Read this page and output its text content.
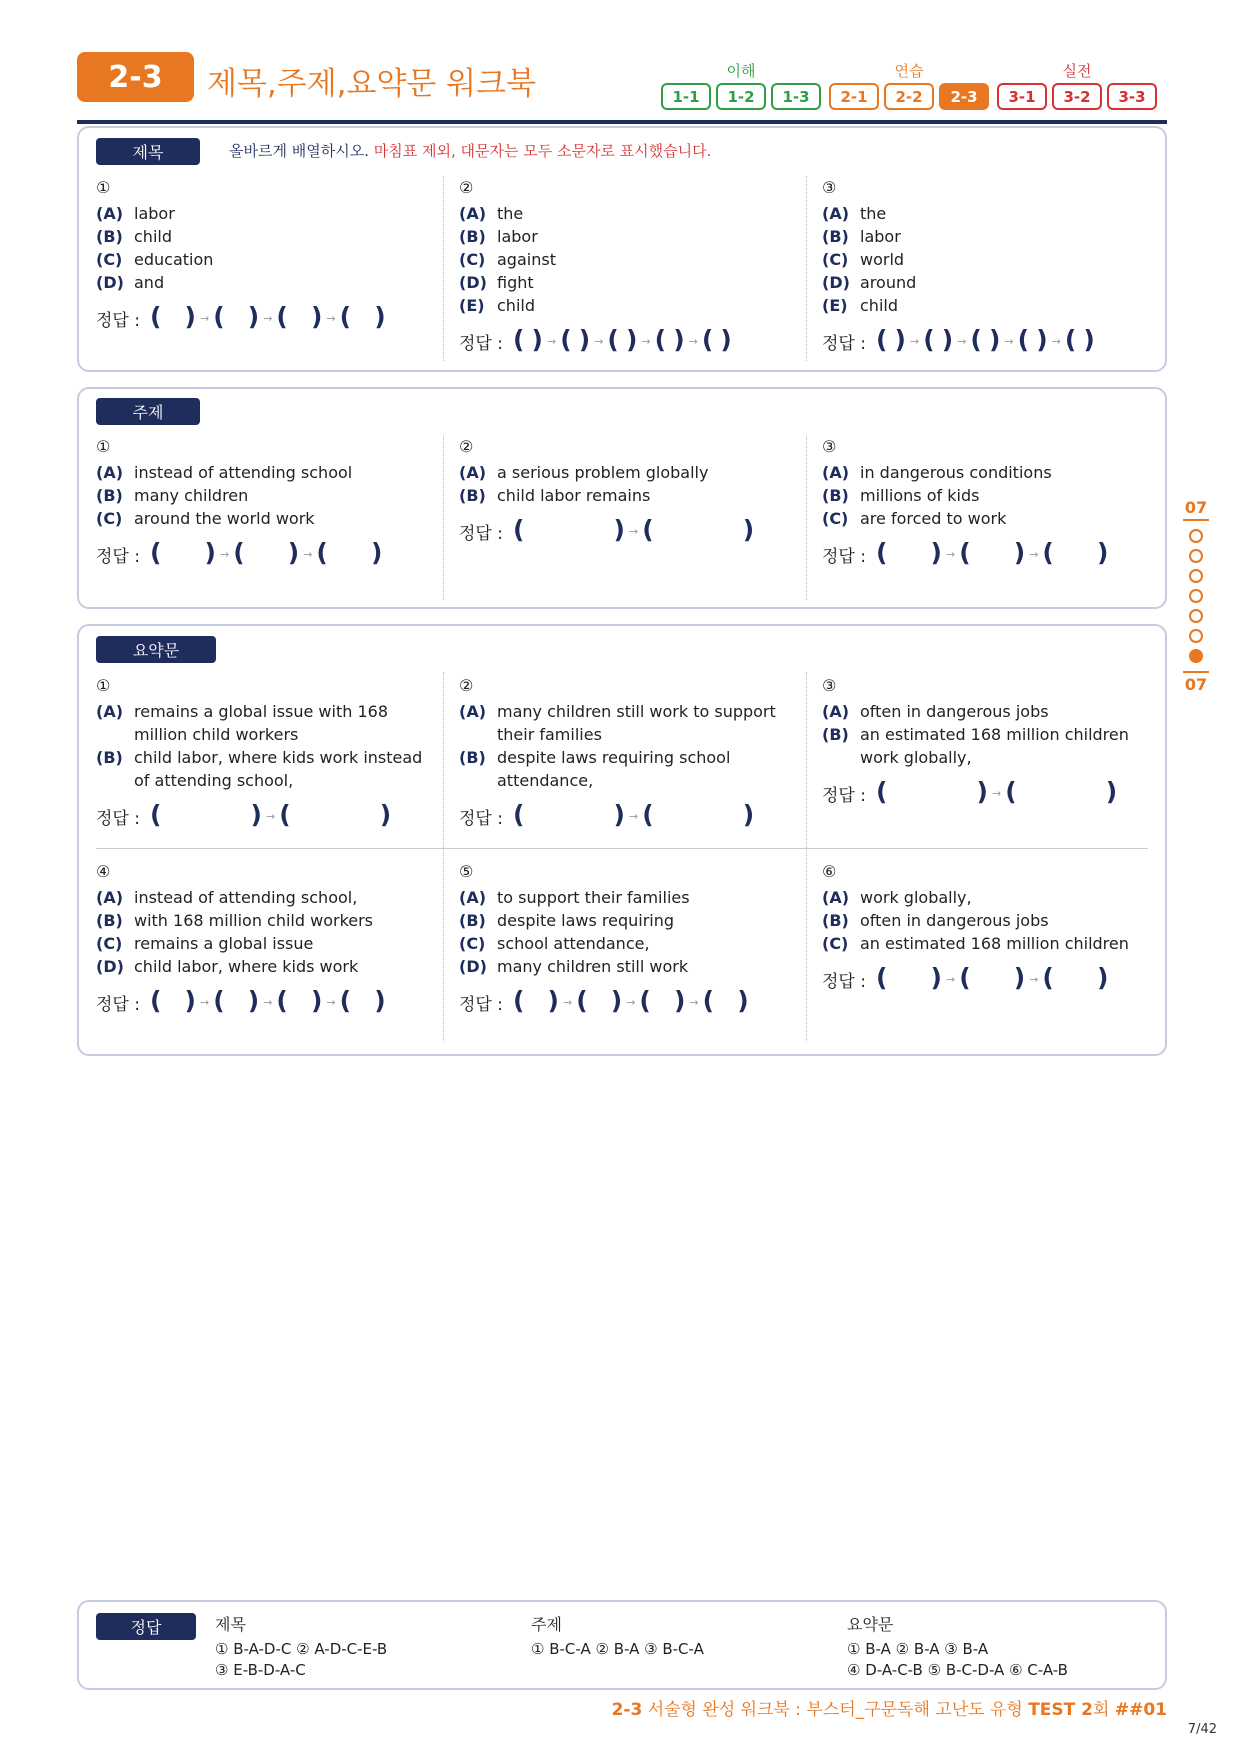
2-3	제목,주제,요약문 워크북	이해
1-1	1-2	1-3
연습
2-1	2-2	2-3
실전
3-1	3-2	3-3
제목	올바르게 배열하시오. 마침표 제외, 대문자는 모두 소문자로 표시했습니다.
①
(A) labor
(B) child
(C) education
(D) and
정답 : ( ) → ( ) → ( ) → ( )
②
(A) the
(B) labor
(C) against
(D) fight
(E) child
정답 : ( ) → ( ) → ( ) → ( ) → ( )
③
(A) the
(B) labor
(C) world
(D) around
(E) child
정답 : ( ) → ( ) → ( ) → ( ) → ( )
주제
①
(A) instead of attending school
(B) many children
(C) around the world work
정답 : ( ) → ( ) → ( )
②
(A) a serious problem globally
(B) child labor remains
정답 : (	) → (	)
③
(A) in dangerous conditions
(B) millions of kids
(C) are forced to work
정답 : ( ) → ( ) → ( )
요약문
①
(A) remains a global issue with 168 million child workers
(B) child labor, where kids work instead of attending school,
정답 : (	) → (	)
②
(A) many children still work to support their families
(B) despite laws requiring school attendance,
정답 : (	) → (	)
③
(A) often in dangerous jobs
(B) an estimated 168 million children work globally,
정답 : (	) → (	)
④
(A) instead of attending school,
(B) with 168 million child workers
(C) remains a global issue
(D) child labor, where kids work
정답 : ( ) → ( ) → ( ) → ( )
⑤
(A) to support their families
(B) despite laws requiring
(C) school attendance,
(D) many children still work
정답 : ( ) → ( ) → ( ) → ( )
⑥
(A) work globally,
(B) often in dangerous jobs
(C) an estimated 168 million children
정답 : ( ) → ( ) → ( )
07
07
정답	제목
① B-A-D-C ② A-D-C-E-B
③ E-B-D-A-C
주제
① B-C-A ② B-A ③ B-C-A
요약문
① B-A ② B-A ③ B-A
④ D-A-C-B ⑤ B-C-D-A ⑥ C-A-B
2-3 서술형 완성 워크북 : 부스터_구문독해 고난도 유형 TEST 2회 ##01
7/42
